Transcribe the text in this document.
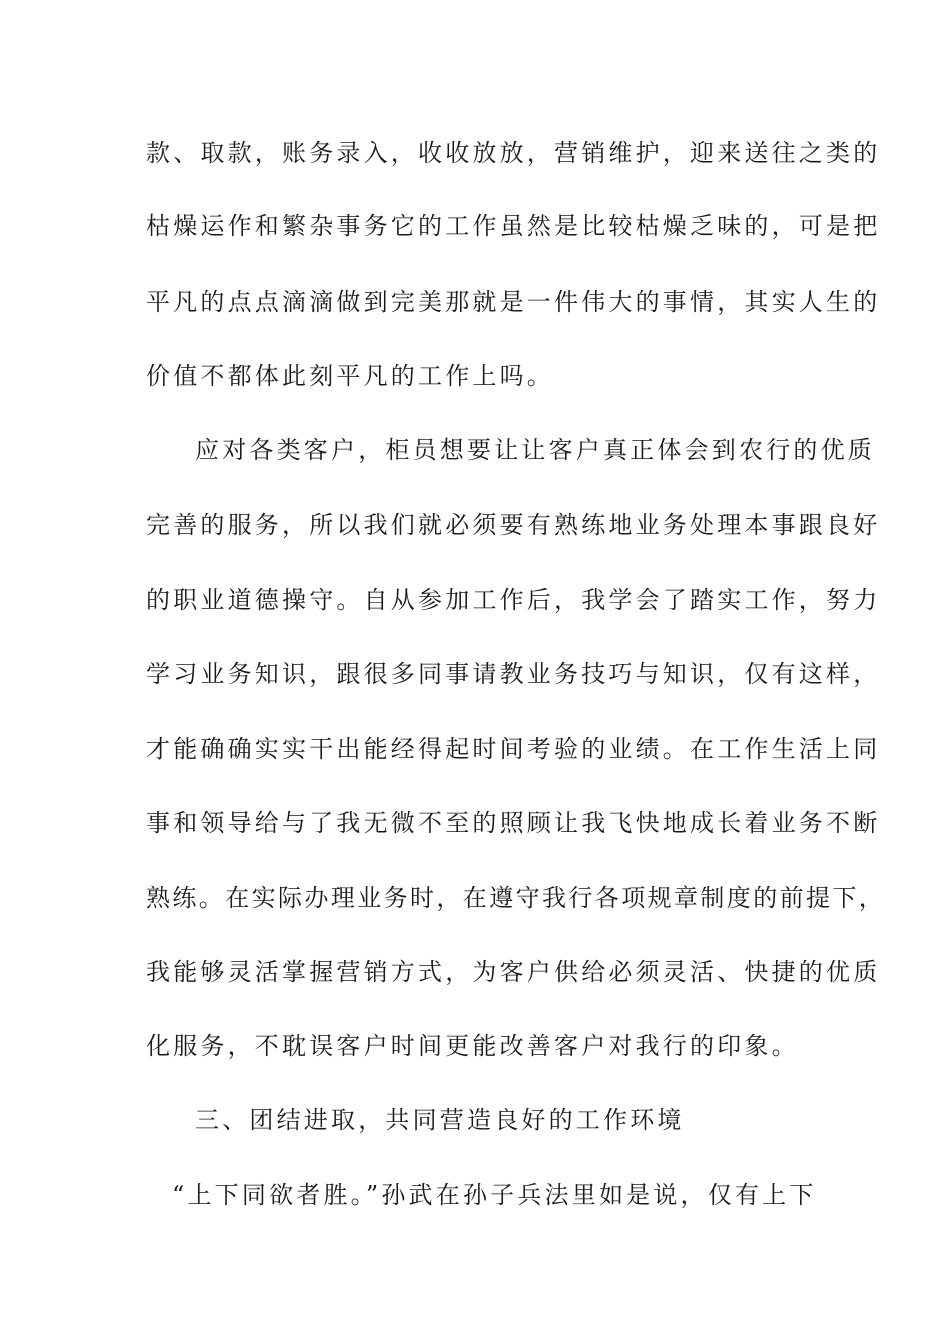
款、取款，账务录入，收收放放，营销维护，迎来送往之类的

枯燥运作和繁杂事务它的工作虽然是比较枯燥乏味的，可是把

平凡的点点滴滴做到完美那就是一件伟大的事情，其实人生的

价值不都体此刻平凡的工作上吗。

应对各类客户，柜员想要让让客户真正体会到农行的优质

完善的服务，所以我们就必须要有熟练地业务处理本事跟良好

的职业道德操守。自从参加工作后，我学会了踏实工作，努力

学习业务知识，跟很多同事请教业务技巧与知识，仅有这样，

才能确确实实干出能经得起时间考验的业绩。在工作生活上同

事和领导给与了我无微不至的照顾让我飞快地成长着业务不断

熟练。在实际办理业务时，在遵守我行各项规章制度的前提下，

我能够灵活掌握营销方式，为客户供给必须灵活、快捷的优质

化服务，不耽误客户时间更能改善客户对我行的印象。

三、团结进取，共同营造良好的工作环境

“上下同欲者胜。”孙武在孙子兵法里如是说，仅有上下
